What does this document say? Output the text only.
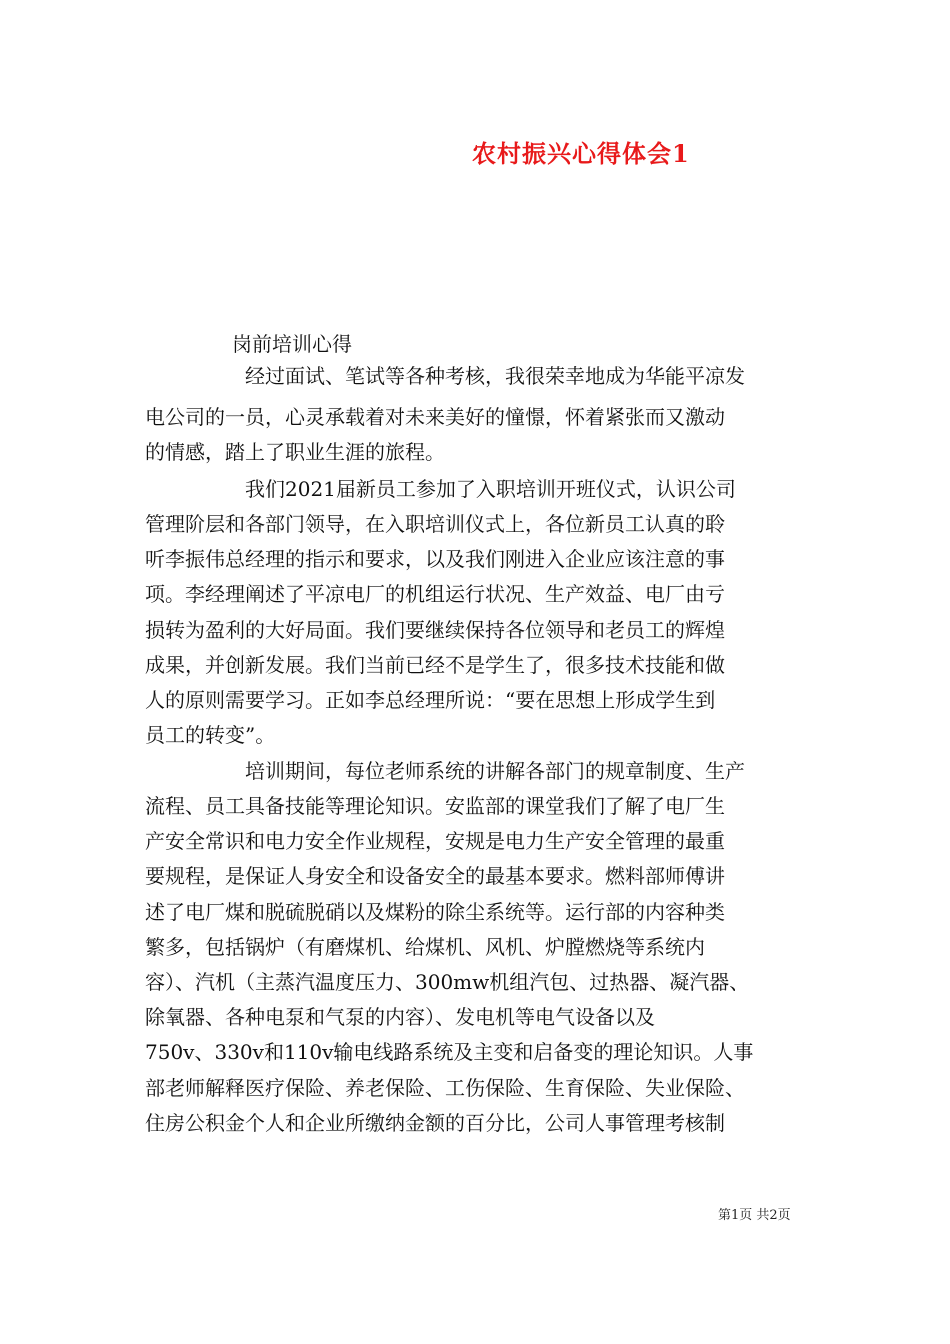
农村振兴心得体会1
岗前培训心得
经过面试、笔试等各种考核，我很荣幸地成为华能平凉发
电公司的一员，心灵承载着对未来美好的憧憬，怀着紧张而又激动
的情感，踏上了职业生涯的旅程。
我们2021届新员工参加了入职培训开班仪式，认识公司
管理阶层和各部门领导，在入职培训仪式上，各位新员工认真的聆
听李振伟总经理的指示和要求，以及我们刚进入企业应该注意的事
项。李经理阐述了平凉电厂的机组运行状况、生产效益、电厂由亏
损转为盈利的大好局面。我们要继续保持各位领导和老员工的辉煌
成果，并创新发展。我们当前已经不是学生了，很多技术技能和做
人的原则需要学习。正如李总经理所说：“要在思想上形成学生到
员工的转变”。
培训期间，每位老师系统的讲解各部门的规章制度、生产
流程、员工具备技能等理论知识。安监部的课堂我们了解了电厂生
产安全常识和电力安全作业规程，安规是电力生产安全管理的最重
要规程，是保证人身安全和设备安全的最基本要求。燃料部师傅讲
述了电厂煤和脱硫脱硝以及煤粉的除尘系统等。运行部的内容种类
繁多，包括锅炉（有磨煤机、给煤机、风机、炉膛燃烧等系统内
容）、汽机（主蒸汽温度压力、300mw机组汽包、过热器、凝汽器、
除氧器、各种电泵和气泵的内容）、发电机等电气设备以及
750v、330v和110v输电线路系统及主变和启备变的理论知识。人事
部老师解释医疗保险、养老保险、工伤保险、生育保险、失业保险、
住房公积金个人和企业所缴纳金额的百分比，公司人事管理考核制
第1页 共2页
